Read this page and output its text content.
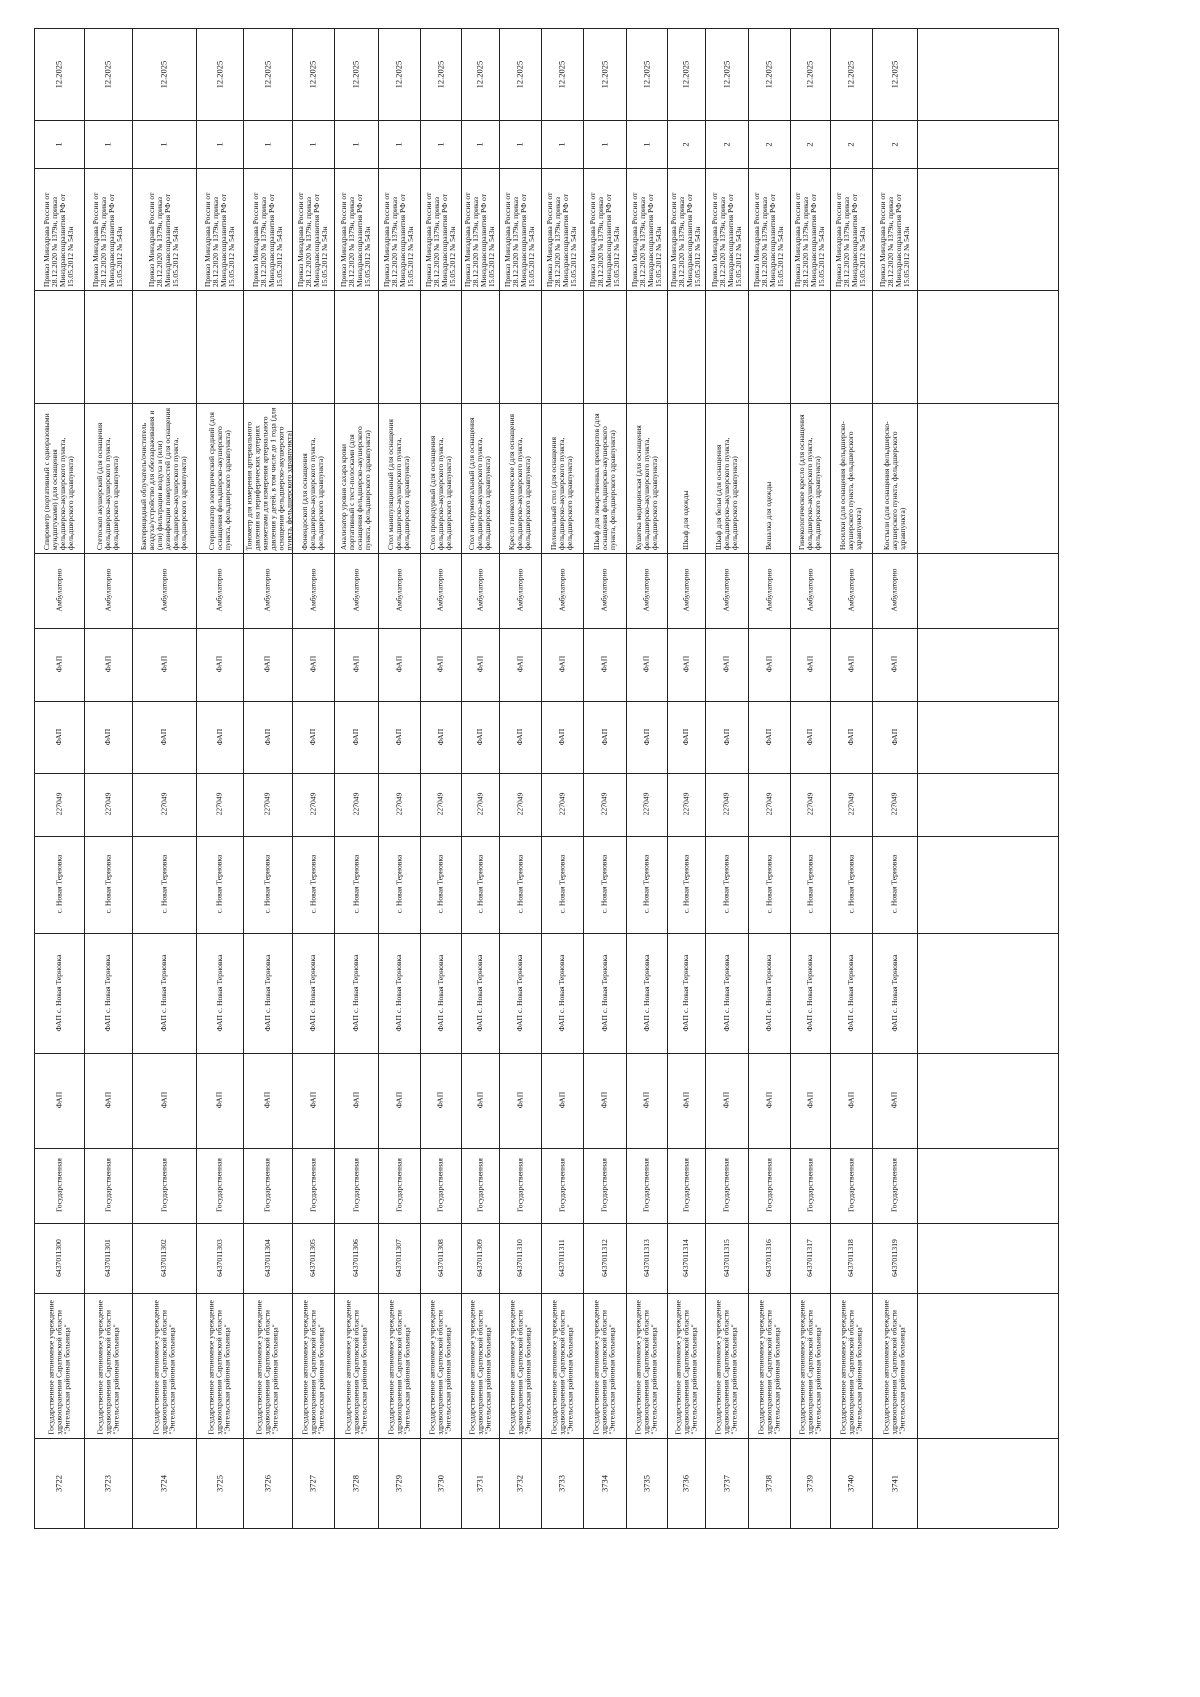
12.2025
1
Приказ Минздрава России от 28.12.2020 № 1379н, приказ Минздравсоцразвития РФ от 15.05.2012 № 543н
Спирометр (портативный с одноразовыми мундштуками) (для оснащения фельдшерско-акушерского пункта, фельдшерского здравпункта)
Амбулаторно
ФАП
ФАП
227049
с. Новая Терновка
ФАП с. Новая Терновка
ФАП
Государственная
6437011300
Государственное автономное учреждение здравоохранения Саратовской области "Энгельсская районная больница"
3722
12.2025
1
Приказ Минздрава России от 28.12.2020 № 1379н, приказ Минздравсоцразвития РФ от 15.05.2012 № 543н
Стетоскоп акушерский (для оснащения фельдшерско-акушерского пункта, фельдшерского здравпункта)
Амбулаторно
ФАП
ФАП
227049
с. Новая Терновка
ФАП с. Новая Терновка
ФАП
Государственная
6437011301
Государственное автономное учреждение здравоохранения Саратовской области "Энгельсская районная больница"
3723
12.2025
1
Приказ Минздрава России от 28.12.2020 № 1379н, приказ Минздравсоцразвития РФ от 15.05.2012 № 543н
Бактерицидный облучатель/очиститель воздуха/устройство для обеззараживания и (или) фильтрации воздуха и (или) дезинфекции поверхностей (для оснащения фельдшерско-акушерского пункта, фельдшерского здравпункта)
Амбулаторно
ФАП
ФАП
227049
с. Новая Терновка
ФАП с. Новая Терновка
ФАП
Государственная
6437011302
Государственное автономное учреждение здравоохранения Саратовской области "Энгельсская районная больница"
3724
12.2025
1
Приказ Минздрава России от 28.12.2020 № 1379н, приказ Минздравсоцразвития РФ от 15.05.2012 № 543н
Стерилизатор электрический средний (для оснащения фельдшерско-акушерского пункта, фельдшерского здравпункта)
Амбулаторно
ФАП
ФАП
227049
с. Новая Терновка
ФАП с. Новая Терновка
ФАП
Государственная
6437011303
Государственное автономное учреждение здравоохранения Саратовской области "Энгельсская районная больница"
3725
12.2025
1
Приказ Минздрава России от 28.12.2020 № 1379н, приказ Минздравсоцразвития РФ от 15.05.2012 № 543н
Тонометр для измерения артериального давления на периферических артериях манжетами для измерения артериального давления у детей, в том числе до 1 года (для оснащения фельдшерско-акушерского пункта, фельдшерского здравпункта)
Амбулаторно
ФАП
ФАП
227049
с. Новая Терновка
ФАП с. Новая Терновка
ФАП
Государственная
6437011304
Государственное автономное учреждение здравоохранения Саратовской области "Энгельсская районная больница"
3726
12.2025
1
Приказ Минздрава России от 28.12.2020 № 1379н, приказ Минздравсоцразвития РФ от 15.05.2012 № 543н
Фонендоскоп (для оснащения фельдшерско-акушерского пункта, фельдшерского здравпункта)
Амбулаторно
ФАП
ФАП
227049
с. Новая Терновка
ФАП с. Новая Терновка
ФАП
Государственная
6437011305
Государственное автономное учреждение здравоохранения Саратовской области "Энгельсская районная больница"
3727
12.2025
1
Приказ Минздрава России от 28.12.2020 № 1379н, приказ Минздравсоцразвития РФ от 15.05.2012 № 543н
Анализатор уровня сахара крови портативный с тест-полосками (для оснащения фельдшерско-акушерского пункта, фельдшерского здравпункта)
Амбулаторно
ФАП
ФАП
227049
с. Новая Терновка
ФАП с. Новая Терновка
ФАП
Государственная
6437011306
Государственное автономное учреждение здравоохранения Саратовской области "Энгельсская районная больница"
3728
12.2025
1
Приказ Минздрава России от 28.12.2020 № 1379н, приказ Минздравсоцразвития РФ от 15.05.2012 № 543н
Стол манипуляционный (для оснащения фельдшерско-акушерского пункта, фельдшерского здравпункта)
Амбулаторно
ФАП
ФАП
227049
с. Новая Терновка
ФАП с. Новая Терновка
ФАП
Государственная
6437011307
Государственное автономное учреждение здравоохранения Саратовской области "Энгельсская районная больница"
3729
12.2025
1
Приказ Минздрава России от 28.12.2020 № 1379н, приказ Минздравсоцразвития РФ от 15.05.2012 № 543н
Стол процедурный (для оснащения фельдшерско-акушерского пункта, фельдшерского здравпункта)
Амбулаторно
ФАП
ФАП
227049
с. Новая Терновка
ФАП с. Новая Терновка
ФАП
Государственная
6437011308
Государственное автономное учреждение здравоохранения Саратовской области "Энгельсская районная больница"
3730
12.2025
1
Приказ Минздрава России от 28.12.2020 № 1379н, приказ Минздравсоцразвития РФ от 15.05.2012 № 543н
Стол инструментальный (для оснащения фельдшерско-акушерского пункта, фельдшерского здравпункта)
Амбулаторно
ФАП
ФАП
227049
с. Новая Терновка
ФАП с. Новая Терновка
ФАП
Государственная
6437011309
Государственное автономное учреждение здравоохранения Саратовской области "Энгельсская районная больница"
3731
12.2025
1
Приказ Минздрава России от 28.12.2020 № 1379н, приказ Минздравсоцразвития РФ от 15.05.2012 № 543н
Кресло гинекологическое (для оснащения фельдшерско-акушерского пункта, фельдшерского здравпункта)
Амбулаторно
ФАП
ФАП
227049
с. Новая Терновка
ФАП с. Новая Терновка
ФАП
Государственная
6437011310
Государственное автономное учреждение здравоохранения Саратовской области "Энгельсская районная больница"
3732
12.2025
1
Приказ Минздрава России от 28.12.2020 № 1379н, приказ Минздравсоцразвития РФ от 15.05.2012 № 543н
Пеленальный стол (для оснащения фельдшерско-акушерского пункта, фельдшерского здравпункта)
Амбулаторно
ФАП
ФАП
227049
с. Новая Терновка
ФАП с. Новая Терновка
ФАП
Государственная
6437011311
Государственное автономное учреждение здравоохранения Саратовской области "Энгельсская районная больница"
3733
12.2025
1
Приказ Минздрава России от 28.12.2020 № 1379н, приказ Минздравсоцразвития РФ от 15.05.2012 № 543н
Шкаф для лекарственных препаратов (для оснащения фельдшерско-акушерского пункта, фельдшерского здравпункта)
Амбулаторно
ФАП
ФАП
227049
с. Новая Терновка
ФАП с. Новая Терновка
ФАП
Государственная
6437011312
Государственное автономное учреждение здравоохранения Саратовской области "Энгельсская районная больница"
3734
12.2025
1
Приказ Минздрава России от 28.12.2020 № 1379н, приказ Минздравсоцразвития РФ от 15.05.2012 № 543н
Кушетка медицинская (для оснащения фельдшерско-акушерского пункта, фельдшерского здравпункта)
Амбулаторно
ФАП
ФАП
227049
с. Новая Терновка
ФАП с. Новая Терновка
ФАП
Государственная
6437011313
Государственное автономное учреждение здравоохранения Саратовской области "Энгельсская районная больница"
3735
12.2025
2
Приказ Минздрава России от 28.12.2020 № 1379н, приказ Минздравсоцразвития РФ от 15.05.2012 № 543н
Шкаф для одежды
Амбулаторно
ФАП
ФАП
227049
с. Новая Терновка
ФАП с. Новая Терновка
ФАП
Государственная
6437011314
Государственное автономное учреждение здравоохранения Саратовской области "Энгельсская районная больница"
3736
12.2025
2
Приказ Минздрава России от 28.12.2020 № 1379н, приказ Минздравсоцразвития РФ от 15.05.2012 № 543н
Шкаф для белья (для оснащения фельдшерско-акушерского пункта, фельдшерского здравпункта)
Амбулаторно
ФАП
ФАП
227049
с. Новая Терновка
ФАП с. Новая Терновка
ФАП
Государственная
6437011315
Государственное автономное учреждение здравоохранения Саратовской области "Энгельсская районная больница"
3737
12.2025
2
Приказ Минздрава России от 28.12.2020 № 1379н, приказ Минздравсоцразвития РФ от 15.05.2012 № 543н
Вешалка для одежды
Амбулаторно
ФАП
ФАП
227049
с. Новая Терновка
ФАП с. Новая Терновка
ФАП
Государственная
6437011316
Государственное автономное учреждение здравоохранения Саратовской области "Энгельсская районная больница"
3738
12.2025
2
Приказ Минздрава России от 28.12.2020 № 1379н, приказ Минздравсоцразвития РФ от 15.05.2012 № 543н
Гинекологическое кресло (для оснащения фельдшерско-акушерского пункта, фельдшерского здравпункта)
Амбулаторно
ФАП
ФАП
227049
с. Новая Терновка
ФАП с. Новая Терновка
ФАП
Государственная
6437011317
Государственное автономное учреждение здравоохранения Саратовской области "Энгельсская районная больница"
3739
12.2025
2
Приказ Минздрава России от 28.12.2020 № 1379н, приказ Минздравсоцразвития РФ от 15.05.2012 № 543н
Носилки (для оснащения фельдшерско-акушерского пункта, фельдшерского здравпункта)
Амбулаторно
ФАП
ФАП
227049
с. Новая Терновка
ФАП с. Новая Терновка
ФАП
Государственная
6437011318
Государственное автономное учреждение здравоохранения Саратовской области "Энгельсская районная больница"
3740
12.2025
2
Приказ Минздрава России от 28.12.2020 № 1379н, приказ Минздравсоцразвития РФ от 15.05.2012 № 543н
Костыли (для оснащения фельдшерско-акушерского пункта, фельдшерского здравпункта)
Амбулаторно
ФАП
ФАП
227049
с. Новая Терновка
ФАП с. Новая Терновка
ФАП
Государственная
6437011319
Государственное автономное учреждение здравоохранения Саратовской области "Энгельсская районная больница"
3741
